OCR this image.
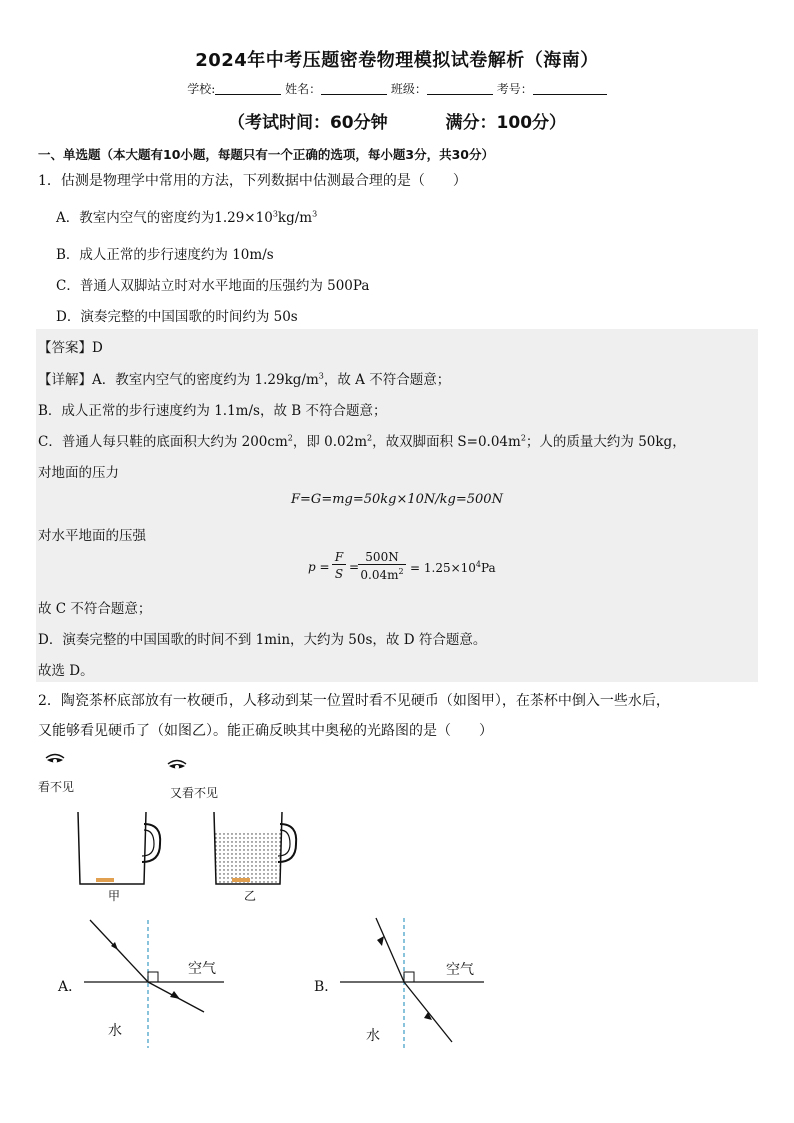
2024年中考压题密卷物理模拟试卷解析（海南）
学校:	姓名：	班级：	考号：
（考试时间：60分钟	满分：100分）
一、单选题（本大题有10小题，每题只有一个正确的选项，每小题3分，共30分）
1．估测是物理学中常用的方法，下列数据中估测最合理的是（　　）
A．教室内空气的密度约为$1.29\times 10^3kg/m^3$
B．成人正常的步行速度约为 10m/s
C．普通人双脚站立时对水平地面的压强约为 500Pa
D．演奏完整的中国国歌的时间约为 50s
【答案】D
【详解】A．教室内空气的密度约为 $1.29kg/m^3$，故 A 不符合题意；
B．成人正常的步行速度约为 1.1m/s，故 B 不符合题意；
C．普通人每只鞋的底面积大约为 $200cm^2$，即 $0.02m^2$，故双脚面积 $S=0.04m^2$；人的质量大约为 50kg，
对地面的压力
F=G=mg=50kg×10N/kg=500N
对水平地面的压强
p =
F
S =
500N
$0.04m^2 = 1.25\times 10^4Pa$
故 C 不符合题意；
D．演奏完整的中国国歌的时间不到 1min，大约为 50s，故 D 符合题意。
故选 D。
2．陶瓷茶杯底部放有一枚硬币，人移动到某一位置时看不见硬币（如图甲），在茶杯中倒入一些水后，
又能够看见硬币了（如图乙）。能正确反映其中奥秘的光路图的是（　　）
看不见	又看不见
甲	乙
A．
空气
水
B．
空气
水
